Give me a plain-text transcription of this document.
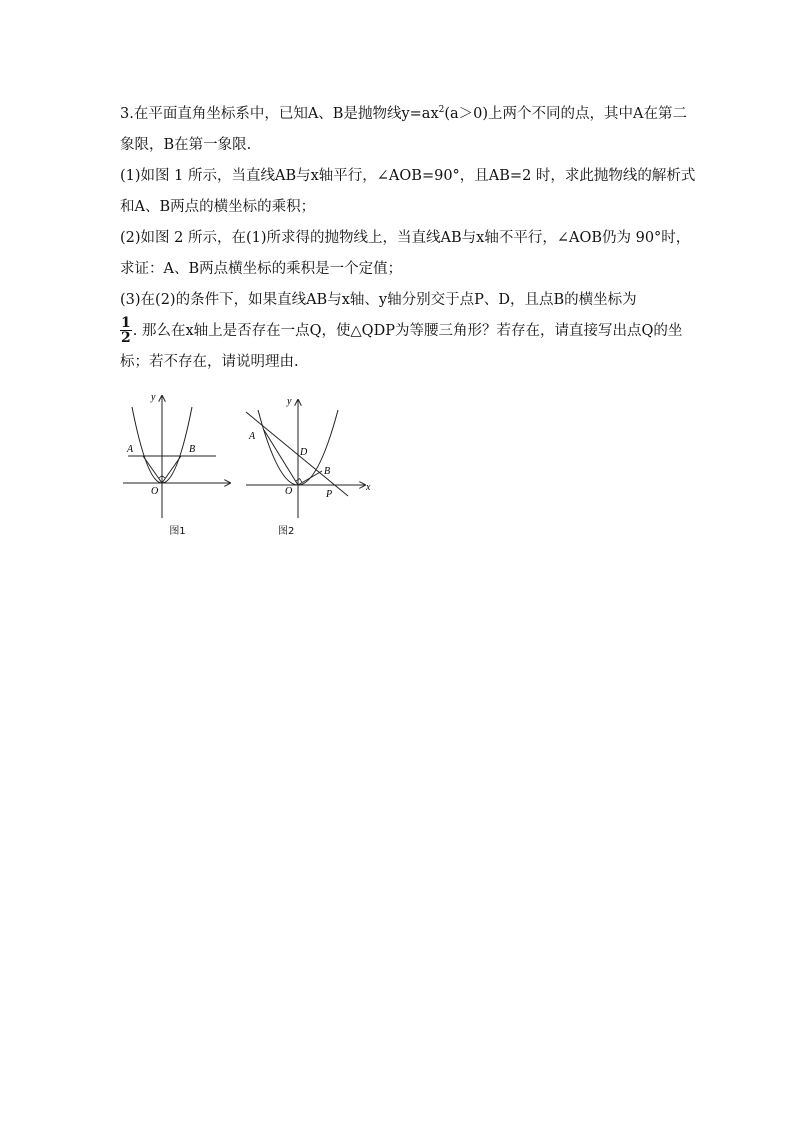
3.在平面直角坐标系中，已知A、B是抛物线$y=ax^2(a>0)$上两个不同的点，其中A在第二象限，B在第一象限.

(1)如图 1 所示，当直线AB与x轴平行，∠AOB=90°，且AB=2 时，求此抛物线的解析式和A、B两点的横坐标的乘积；

(2)如图 2 所示，在(1)所求得的抛物线上，当直线AB与x轴不平行，∠AOB仍为 90°时，求证：A、B两点横坐标的乘积是一个定值；

(3)在(2)的条件下，如果直线AB与x轴、y轴分别交于点P、D，且点B的横坐标为

$\frac{1}{2}$ . 那么在x轴上是否存在一点Q，使△QDP为等腰三角形？若存在，请直接写出点Q的坐标；若不存在，请说明理由.

y
A	B
O
图1
y
x
A
D
B
O	P
图2
